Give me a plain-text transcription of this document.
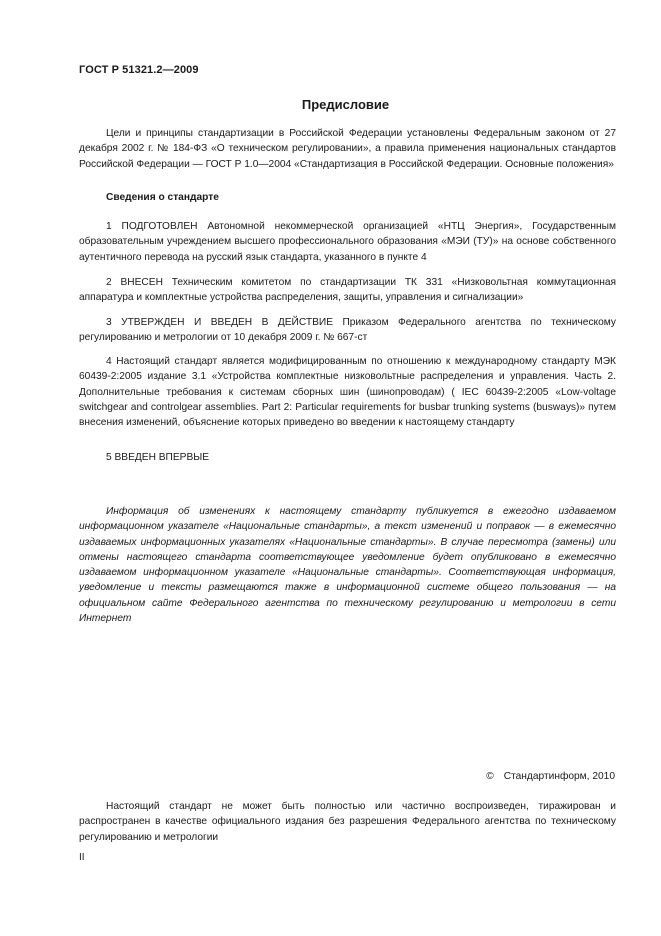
ГОСТ Р 51321.2—2009
Предисловие

Цели и принципы стандартизации в Российской Федерации установлены Федеральным законом от 27 декабря 2002 г. № 184-ФЗ «О техническом регулировании», а правила применения национальных стандартов Российской Федерации — ГОСТ Р 1.0—2004 «Стандартизация в Российской Федерации. Основные положения»

Сведения о стандарте

1 ПОДГОТОВЛЕН Автономной некоммерческой организацией «НТЦ Энергия», Государственным образовательным учреждением высшего профессионального образования «МЭИ (ТУ)» на основе собственного аутентичного перевода на русский язык стандарта, указанного в пункте 4

2 ВНЕСЕН Техническим комитетом по стандартизации ТК 331 «Низковольтная коммутационная аппаратура и комплектные устройства распределения, защиты, управления и сигнализации»

3 УТВЕРЖДЕН И ВВЕДЕН В ДЕЙСТВИЕ Приказом Федерального агентства по техническому регулированию и метрологии от 10 декабря 2009 г. № 667-ст

4 Настоящий стандарт является модифицированным по отношению к международному стандарту МЭК 60439-2:2005 издание 3.1 «Устройства комплектные низковольтные распределения и управления. Часть 2. Дополнительные требования к системам сборных шин (шинопроводам) ( IEC 60439-2:2005 «Low-voltage switchgear and controlgear assemblies. Part 2: Particular requirements for busbar trunking systems (busways)» путем внесения изменений, объяснение которых приведено во введении к настоящему стандарту

5 ВВЕДЕН ВПЕРВЫЕ

Информация об изменениях к настоящему стандарту публикуется в ежегодно издаваемом информационном указателе «Национальные стандарты», а текст изменений и поправок — в ежемесячно издаваемых информационных указателях «Национальные стандарты». В случае пересмотра (замены) или отмены настоящего стандарта соответствующее уведомление будет опубликовано в ежемесячно издаваемом информационном указателе «Национальные стандарты». Соответствующая информация, уведомление и тексты размещаются также в информационной системе общего пользования — на официальном сайте Федерального агентства по техническому регулированию и метрологии в сети Интернет

© Стандартинформ, 2010

Настоящий стандарт не может быть полностью или частично воспроизведен, тиражирован и распространен в качестве официального издания без разрешения Федерального агентства по техническому регулированию и метрологии

II
